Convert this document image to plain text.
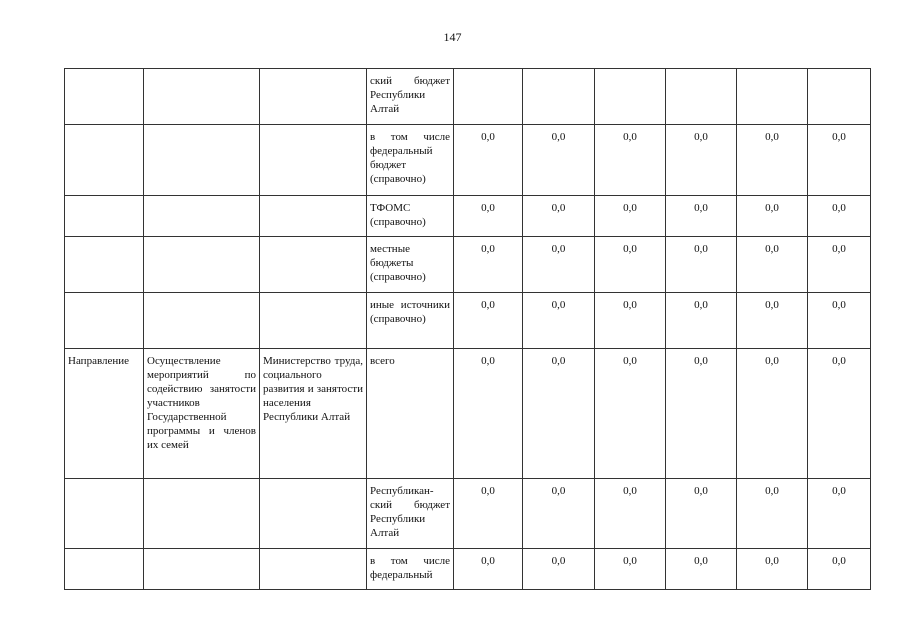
147
			ский бюджет Республики Алтай						
			в том числе федеральный бюджет (справочно)	0,0	0,0	0,0	0,0	0,0	0,0
			ТФОМС (справочно)	0,0	0,0	0,0	0,0	0,0	0,0
			местные бюджеты (справочно)	0,0	0,0	0,0	0,0	0,0	0,0
			иные источники (справочно)	0,0	0,0	0,0	0,0	0,0	0,0
Направление	Осуществление мероприятий по содействию занятости участников Государственной программы и членов их семей	Министерство труда, социального развития и занятости населения Республики Алтай	всего	0,0	0,0	0,0	0,0	0,0	0,0
			Республикан-ский бюджет Республики Алтай	0,0	0,0	0,0	0,0	0,0	0,0
			в том числе федеральный	0,0	0,0	0,0	0,0	0,0	0,0
